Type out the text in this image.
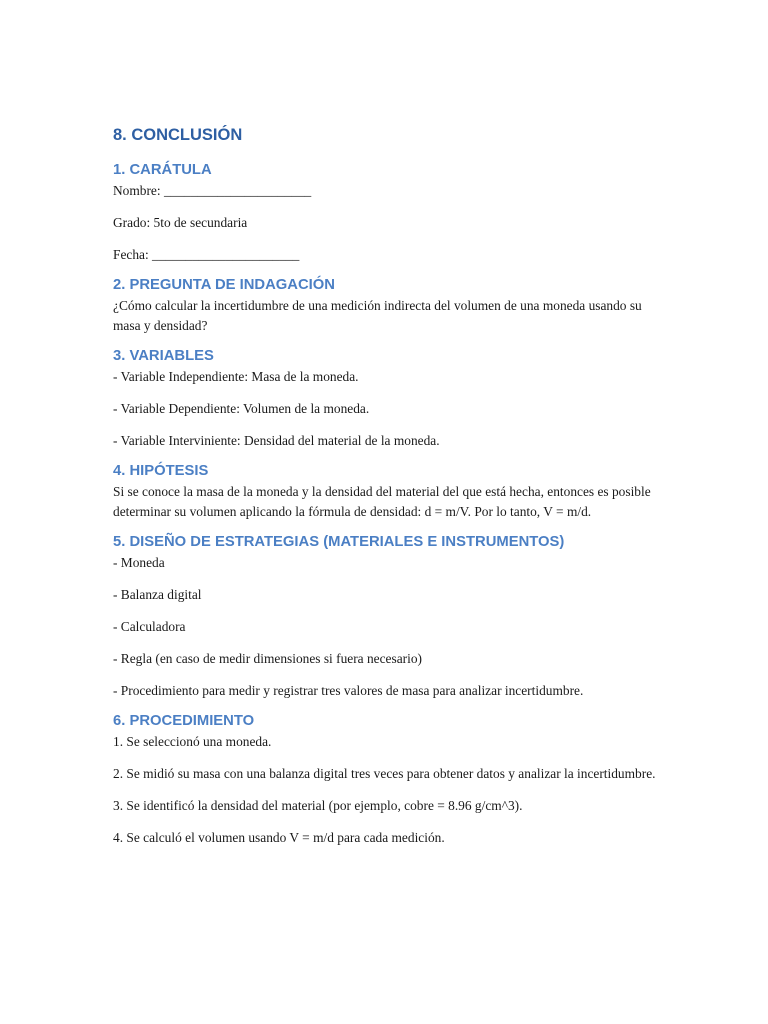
8. CONCLUSIÓN
1. CARÁTULA

Nombre: ______________________

Grado: 5to de secundaria

Fecha: ______________________

2. PREGUNTA DE INDAGACIÓN

¿Cómo calcular la incertidumbre de una medición indirecta del volumen de una moneda usando su masa y densidad?

3. VARIABLES

- Variable Independiente: Masa de la moneda.

- Variable Dependiente: Volumen de la moneda.

- Variable Interviniente: Densidad del material de la moneda.

4. HIPÓTESIS

Si se conoce la masa de la moneda y la densidad del material del que está hecha, entonces es posible determinar su volumen aplicando la fórmula de densidad: d = m/V. Por lo tanto, V = m/d.

5. DISEÑO DE ESTRATEGIAS (MATERIALES E INSTRUMENTOS)

- Moneda

- Balanza digital

- Calculadora

- Regla (en caso de medir dimensiones si fuera necesario)

- Procedimiento para medir y registrar tres valores de masa para analizar incertidumbre.

6. PROCEDIMIENTO

1. Se seleccionó una moneda.

2. Se midió su masa con una balanza digital tres veces para obtener datos y analizar la incertidumbre.

3. Se identificó la densidad del material (por ejemplo, cobre = 8.96 g/cm^3).

4. Se calculó el volumen usando V = m/d para cada medición.
